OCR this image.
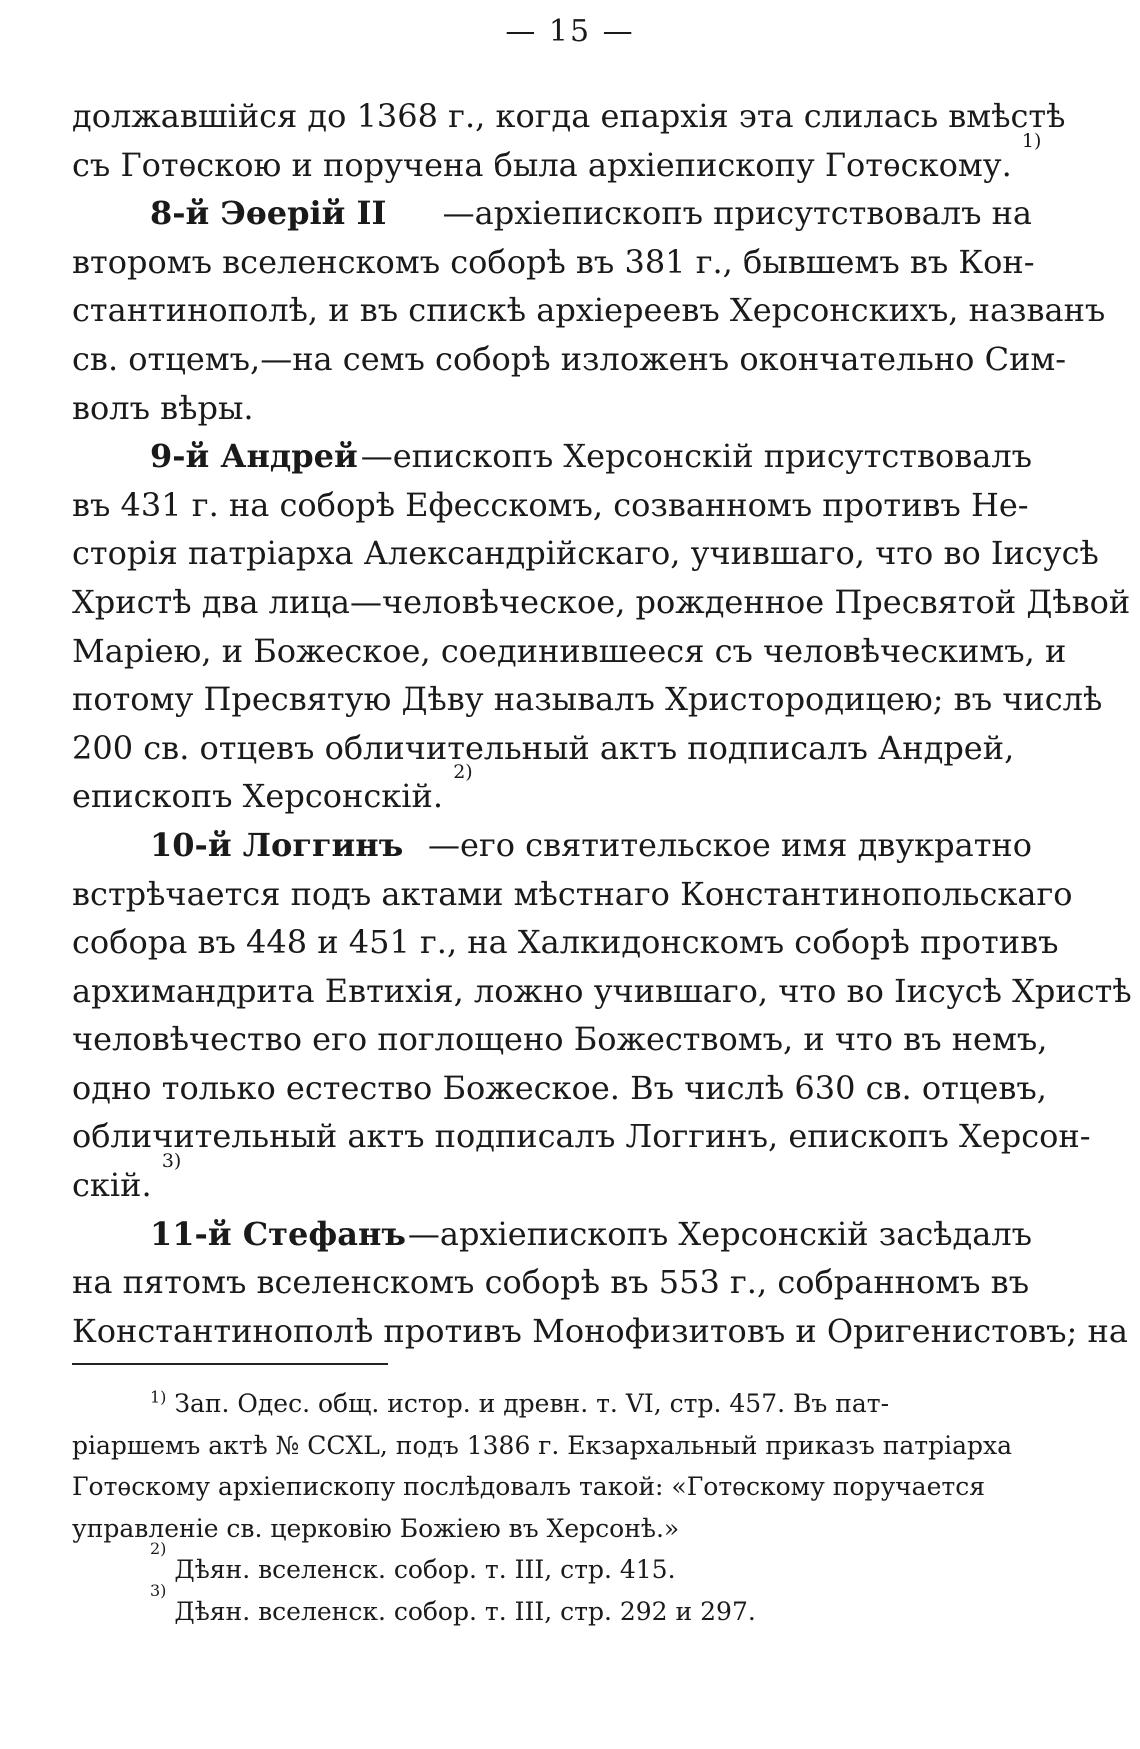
— 15 —
должавшійся до 1368 г., когда епархія эта слилась вмѣстѣ
съ Готѳскою и поручена была архіепископу Готѳскому.

1)
8-й Эѳерій II —архіепископъ присутствовалъ на
второмъ вселенскомъ соборѣ въ 381 г., бывшемъ въ Кон-
стантинополѣ, и въ спискѣ архіереевъ Херсонскихъ, названъ
св. отцемъ,—на семъ соборѣ изложенъ окончательно Сим-
волъ вѣры.
9-й Андрей —епископъ Херсонскій присутствовалъ
въ 431 г. на соборѣ Ефесскомъ, созванномъ противъ Не-
сторія патріарха Александрійскаго, учившаго, что во Іисусѣ
Христѣ два лица—человѣческое, рожденное Пресвятой Дѣвой
Маріею, и Божеское, соединившееся съ человѣческимъ, и
потому Пресвятую Дѣву называлъ Христородицею; въ числѣ
200 св. отцевъ обличительный актъ подписалъ Андрей,
епископъ Херсонскій.

2)
10-й Логгинъ —его святительское имя двукратно
встрѣчается подъ актами мѣстнаго Константинопольскаго
собора въ 448 и 451 г., на Халкидонскомъ соборѣ противъ
архимандрита Евтихія, ложно учившаго, что во Іисусѣ Христѣ
человѣчество его поглощено Божествомъ, и что въ немъ,
одно только естество Божеское. Въ числѣ 630 св. отцевъ,
обличительный актъ подписалъ Логгинъ, епископъ Херсон-
скій.

3)
11-й Стефанъ —архіепископъ Херсонскій засѣдалъ
на пятомъ вселенскомъ соборѣ въ 553 г., собранномъ въ
Константинополѣ противъ Монофизитовъ и Оригенистовъ; на
$^{1)}$ Зап. Одес. общ. истор. и древн. т. VI, стр. 457. Въ пат-
ріаршемъ актѣ № CCXL, подъ 1386 г. Екзархальный приказъ патріарха
Готѳскому архіепископу послѣдовалъ такой: «Готѳскому поручается
управленіе св. церковію Божіею въ Херсонѣ.»
2)

Дѣян. вселенск. собор. т. III, стр. 415.
3)

Дѣян. вселенск. собор. т. III, стр. 292 и 297.
